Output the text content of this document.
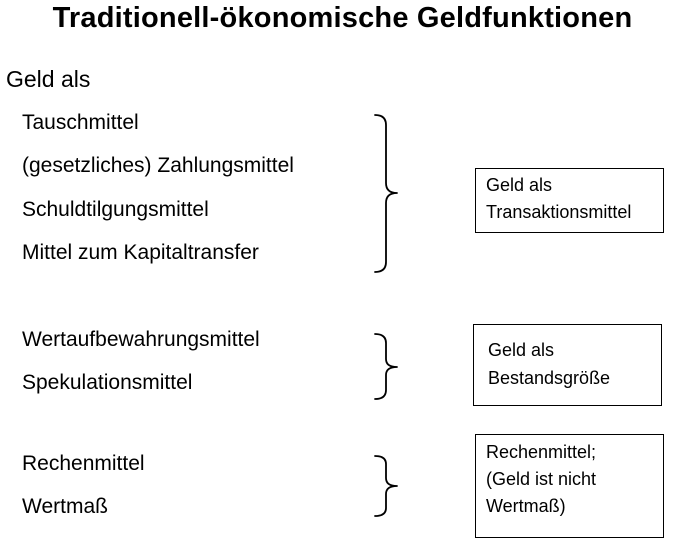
Traditionell-ökonomische Geldfunktionen
Geld als
Tauschmittel
(gesetzliches) Zahlungsmittel
Schuldtilgungsmittel
Mittel zum Kapitaltransfer
Wertaufbewahrungsmittel
Spekulationsmittel
Rechenmittel
Wertmaß
Geld als
Transaktionsmittel
Geld als
Bestandsgröße
Rechenmittel;
(Geld ist nicht
Wertmaß)
